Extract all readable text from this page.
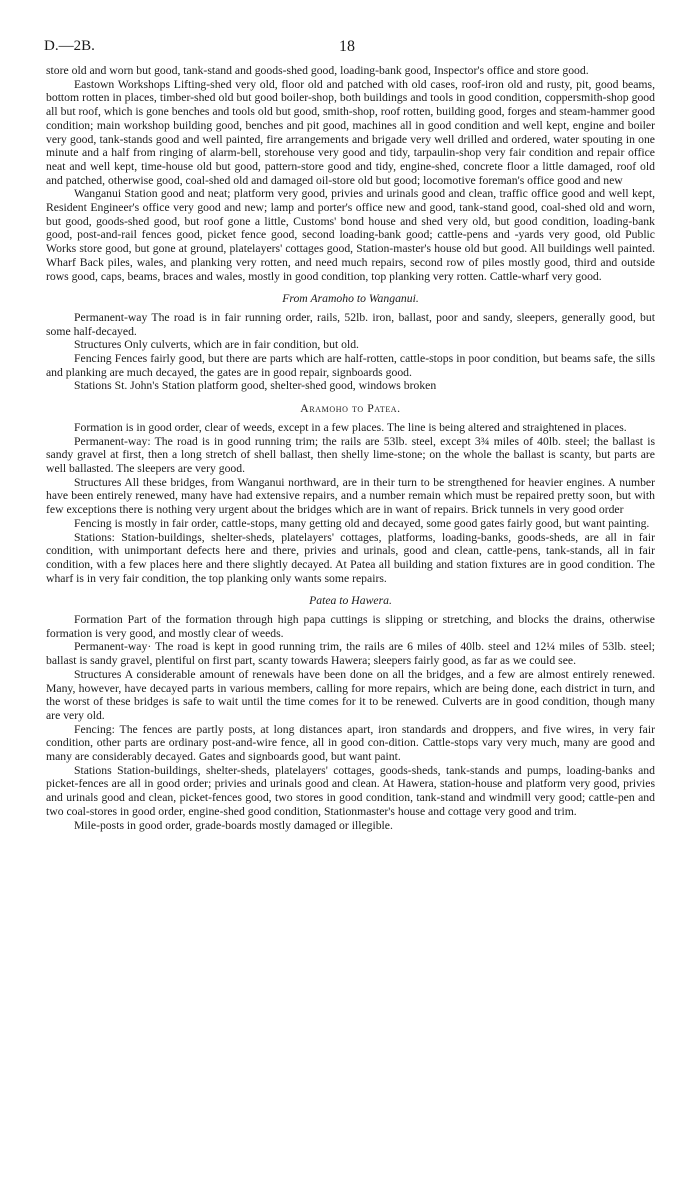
D.—2B.	18

store old and worn but good, tank-stand and goods-shed good, loading-bank good, Inspector's office and store good.

Eastown Workshops Lifting-shed very old, floor old and patched with old cases, roof-iron old and rusty, pit, good beams, bottom rotten in places, timber-shed old but good boiler-shop, both buildings and tools in good condition, coppersmith-shop good all but roof, which is gone benches and tools old but good, smith-shop, roof rotten, building good, forges and steam-hammer good condition; main workshop building good, benches and pit good, machines all in good condition and well kept, engine and boiler very good, tank-stands good and well painted, fire arrangements and brigade very well drilled and ordered, water spouting in one minute and a half from ringing of alarm-bell, storehouse very good and tidy, tarpaulin-shop very fair condition and repair office neat and well kept, time-house old but good, pattern-store good and tidy, engine-shed, concrete floor a little damaged, roof old and patched, otherwise good, coal-shed old and damaged oil-store old but good; locomotive foreman's office good and new

Wanganui Station good and neat; platform very good, privies and urinals good and clean, traffic office good and well kept, Resident Engineer's office very good and new; lamp and porter's office new and good, tank-stand good, coal-shed old and worn, but good, goods-shed good, but roof gone a little, Customs' bond house and shed very old, but good condition, loading-bank good, post-and-rail fences good, picket fence good, second loading-bank good; cattle-pens and -yards very good, old Public Works store good, but gone at ground, platelayers' cottages good, Station-master's house old but good. All buildings well painted. Wharf Back piles, wales, and planking very rotten, and need much repairs, second row of piles mostly good, third and outside rows good, caps, beams, braces and wales, mostly in good condition, top planking very rotten. Cattle-wharf very good.

From Aramoho to Wanganui.

Permanent-way The road is in fair running order, rails, 52lb. iron, ballast, poor and sandy, sleepers, generally good, but some half-decayed.

Structures Only culverts, which are in fair condition, but old.

Fencing Fences fairly good, but there are parts which are half-rotten, cattle-stops in poor condition, but beams safe, the sills and planking are much decayed, the gates are in good repair, signboards good.

Stations St. John's Station platform good, shelter-shed good, windows broken

Aramoho to Patea.

Formation is in good order, clear of weeds, except in a few places. The line is being altered and straightened in places.

Permanent-way: The road is in good running trim; the rails are 53lb. steel, except 3¾ miles of 40lb. steel; the ballast is sandy gravel at first, then a long stretch of shell ballast, then shelly lime-stone; on the whole the ballast is scanty, but parts are well ballasted. The sleepers are very good.

Structures All these bridges, from Wanganui northward, are in their turn to be strengthened for heavier engines. A number have been entirely renewed, many have had extensive repairs, and a number remain which must be repaired pretty soon, but with few exceptions there is nothing very urgent about the bridges which are in want of repairs. Brick tunnels in very good order

Fencing is mostly in fair order, cattle-stops, many getting old and decayed, some good gates fairly good, but want painting.

Stations: Station-buildings, shelter-sheds, platelayers' cottages, platforms, loading-banks, goods-sheds, are all in fair condition, with unimportant defects here and there, privies and urinals, good and clean, cattle-pens, tank-stands, all in fair condition, with a few places here and there slightly decayed. At Patea all building and station fixtures are in good condition. The wharf is in very fair condition, the top planking only wants some repairs.

Patea to Hawera.

Formation Part of the formation through high papa cuttings is slipping or stretching, and blocks the drains, otherwise formation is very good, and mostly clear of weeds.

Permanent-way· The road is kept in good running trim, the rails are 6 miles of 40lb. steel and 12¼ miles of 53lb. steel; ballast is sandy gravel, plentiful on first part, scanty towards Hawera; sleepers fairly good, as far as we could see.

Structures A considerable amount of renewals have been done on all the bridges, and a few are almost entirely renewed. Many, however, have decayed parts in various members, calling for more repairs, which are being done, each district in turn, and the worst of these bridges is safe to wait until the time comes for it to be renewed. Culverts are in good condition, though many are very old.

Fencing: The fences are partly posts, at long distances apart, iron standards and droppers, and five wires, in very fair condition, other parts are ordinary post-and-wire fence, all in good con-dition. Cattle-stops vary very much, many are good and many are considerably decayed. Gates and signboards good, but want paint.

Stations Station-buildings, shelter-sheds, platelayers' cottages, goods-sheds, tank-stands and pumps, loading-banks and picket-fences are all in good order; privies and urinals good and clean. At Hawera, station-house and platform very good, privies and urinals good and clean, picket-fences good, two stores in good condition, tank-stand and windmill very good; cattle-pen and two coal-stores in good order, engine-shed good condition, Stationmaster's house and cottage very good and trim.

Mile-posts in good order, grade-boards mostly damaged or illegible.
